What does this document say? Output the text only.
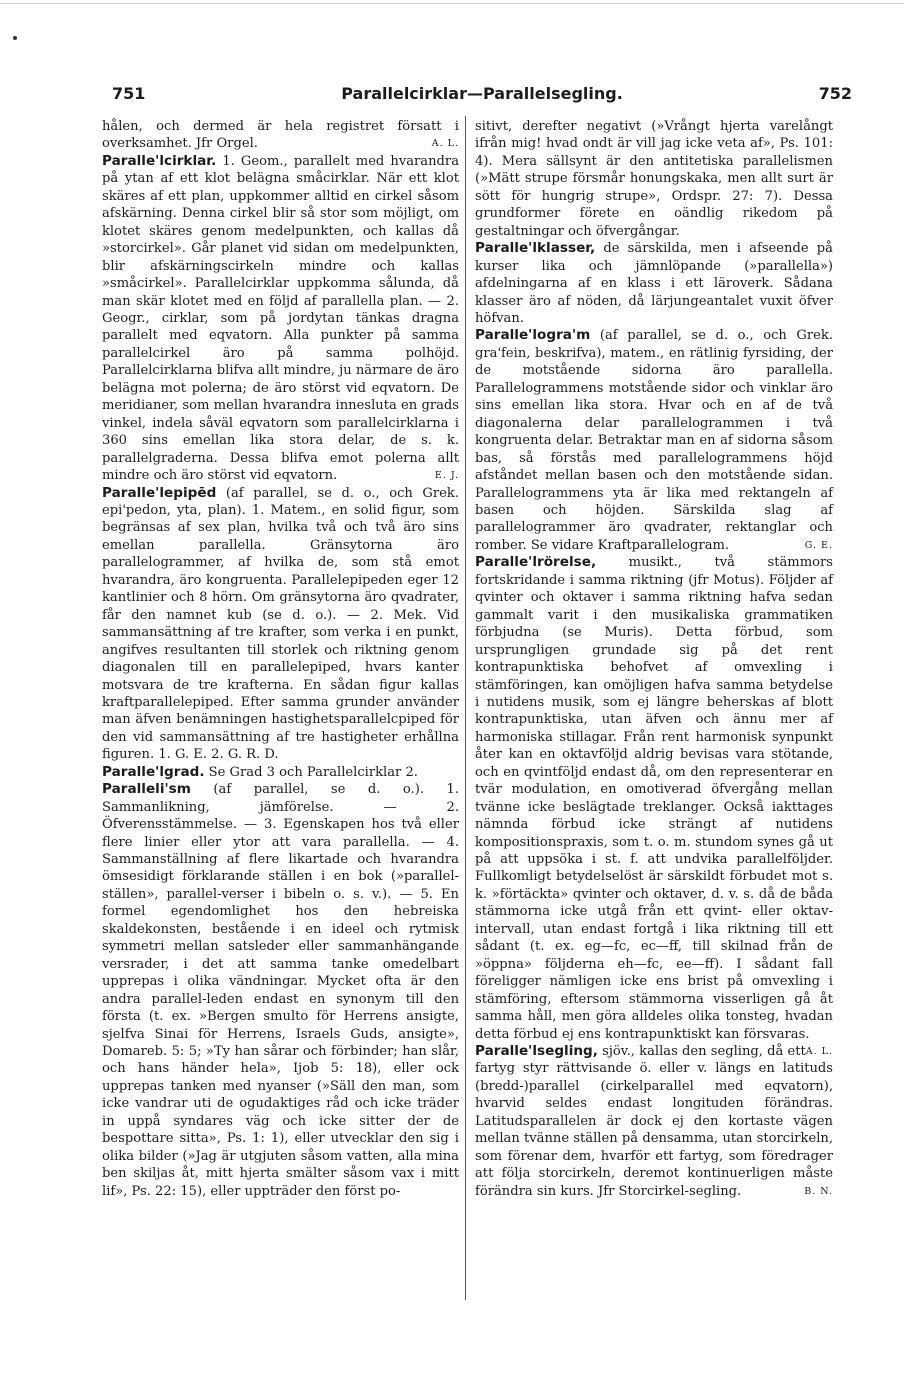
751	Parallelcirklar—Parallelsegling.	752

hålen, och dermed är hela registret försatt i overksamhet. Jfr Orgel.	A. L.

Paralle'lcirklar. 1. Geom., parallelt med hvarandra på ytan af ett klot belägna småcirklar. När ett klot skäres af ett plan, uppkommer alltid en cirkel såsom afskärning. Denna cirkel blir så stor som möjligt, om klotet skäres genom medelpunkten, och kallas då »storcirkel». Går planet vid sidan om medelpunkten, blir afskärningscirkeln mindre och kallas »småcirkel». Parallelcirklar uppkomma sålunda, då man skär klotet med en följd af parallella plan. — 2. Geogr., cirklar, som på jordytan tänkas dragna parallelt med eqvatorn. Alla punkter på samma parallelcirkel äro på samma polhöjd. Parallelcirklarna blifva allt mindre, ju närmare de äro belägna mot polerna; de äro störst vid eqvatorn. De meridianer, som mellan hvarandra innesluta en grads vinkel, indela såväl eqvatorn som parallelcirklarna i 360 sins emellan lika stora delar, de s. k. parallelgraderna. Dessa blifva emot polerna allt mindre och äro störst vid eqvatorn.	E. J.

Paralle'lepipēd (af parallel, se d. o., och Grek. epi'pedon, yta, plan). 1. Matem., en solid figur, som begränsas af sex plan, hvilka två och två äro sins emellan parallella. Gränsytorna äro parallelogrammer, af hvilka de, som stå emot hvarandra, äro kongruenta. Parallelepipeden eger 12 kantlinier och 8 hörn. Om gränsytorna äro qvadrater, får den namnet kub (se d. o.). — 2. Mek. Vid sammansättning af tre krafter, som verka i en punkt, angifves resultanten till storlek och riktning genom diagonalen till en parallelepiped, hvars kanter motsvara de tre krafterna. En sådan figur kallas kraftparallelepiped. Efter samma grunder använder man äfven benämningen hastighetsparallelcpiped för den vid sammansättning af tre hastigheter erhållna figuren. 1. G. E. 2. G. R. D.

Paralle'lgrad. Se Grad 3 och Parallelcirklar 2.

Paralleli'sm (af parallel, se d. o.). 1. Sammanlikning, jämförelse. — 2. Öfverensstämmelse. — 3. Egenskapen hos två eller flere linier eller ytor att vara parallella. — 4. Sammanställning af flere likartade och hvarandra ömsesidigt förklarande ställen i en bok (»parallel-ställen», parallel-verser i bibeln o. s. v.). — 5. En formel egendomlighet hos den hebreiska skaldekonsten, bestående i en ideel och rytmisk symmetri mellan satsleder eller sammanhängande versrader, i det att samma tanke omedelbart upprepas i olika vändningar. Mycket ofta är den andra parallel-leden endast en synonym till den första (t. ex. »Bergen smulto för Herrens ansigte, sjelfva Sinai för Herrens, Israels Guds, ansigte», Domareb. 5: 5; »Ty han sårar och förbinder; han slår, och hans händer hela», Ijob 5: 18), eller ock upprepas tanken med nyanser (»Säll den man, som icke vandrar uti de ogudaktiges råd och icke träder in uppå syndares väg och icke sitter der de bespottare sitta», Ps. 1: 1), eller utvecklar den sig i olika bilder (»Jag är utgjuten såsom vatten, alla mina ben skiljas åt, mitt hjerta smälter såsom vax i mitt lif», Ps. 22: 15), eller uppträder den först po-

sitivt, derefter negativt (»Vrångt hjerta varelångt ifrån mig! hvad ondt är vill jag icke veta af», Ps. 101: 4). Mera sällsynt är den antitetiska parallelismen (»Mätt strupe försmår honungskaka, men allt surt är sött för hungrig strupe», Ordspr. 27: 7). Dessa grundformer förete en oändlig rikedom på gestaltningar och öfvergångar.

Paralle'lklasser, de särskilda, men i afseende på kurser lika och jämnlöpande (»parallella») afdelningarna af en klass i ett läroverk. Sådana klasser äro af nöden, då lärjungeantalet vuxit öfver höfvan.

Paralle'logra'm (af parallel, se d. o., och Grek. gra'fein, beskrifva), matem., en rätlinig fyrsiding, der de motstående sidorna äro parallella. Parallelogrammens motstående sidor och vinklar äro sins emellan lika stora. Hvar och en af de två diagonalerna delar parallelogrammen i två kongruenta delar. Betraktar man en af sidorna såsom bas, så förstås med parallelogrammens höjd afståndet mellan basen och den motstående sidan. Parallelogrammens yta är lika med rektangeln af basen och höjden. Särskilda slag af parallelogrammer äro qvadrater, rektanglar och romber. Se vidare Kraftparallelogram.	G. E.

Paralle'lrörelse, musikt., två stämmors fortskridande i samma riktning (jfr Motus). Följder af qvinter och oktaver i samma riktning hafva sedan gammalt varit i den musikaliska grammatiken förbjudna (se Muris). Detta förbud, som ursprungligen grundade sig på det rent kontrapunktiska behofvet af omvexling i stämföringen, kan omöjligen hafva samma betydelse i nutidens musik, som ej längre beherskas af blott kontrapunktiska, utan äfven och ännu mer af harmoniska stillagar. Från rent harmonisk synpunkt åter kan en oktavföljd aldrig bevisas vara stötande, och en qvintföljd endast då, om den representerar en tvär modulation, en omotiverad öfvergång mellan tvänne icke beslägtade treklanger. Också iakttages nämnda förbud icke strängt af nutidens kompositionspraxis, som t. o. m. stundom synes gå ut på att uppsöka i st. f. att undvika parallelföljder. Fullkomligt betydelselöst är särskildt förbudet mot s. k. »förtäckta» qvinter och oktaver, d. v. s. då de båda stämmorna icke utgå från ett qvint- eller oktav-intervall, utan endast fortgå i lika riktning till ett sådant (t. ex. eg—fc, ec—ff, till skilnad från de »öppna» följderna eh—fc, ee—ff). I sådant fall föreligger nämligen icke ens brist på omvexling i stämföring, eftersom stämmorna visserligen gå åt samma håll, men göra alldeles olika tonsteg, hvadan detta förbud ej ens kontrapunktiskt kan försvaras.
A. L.

Paralle'lsegling, sjöv., kallas den segling, då ett fartyg styr rättvisande ö. eller v. längs en latituds (bredd-)parallel (cirkelparallel med eqvatorn), hvarvid seldes endast longituden förändras. Latitudsparallelen är dock ej den kortaste vägen mellan tvänne ställen på densamma, utan storcirkeln, som förenar dem, hvarför ett fartyg, som föredrager att följa storcirkeln, deremot kontinuerligen måste förändra sin kurs. Jfr Storcirkel-segling.	B. N.
